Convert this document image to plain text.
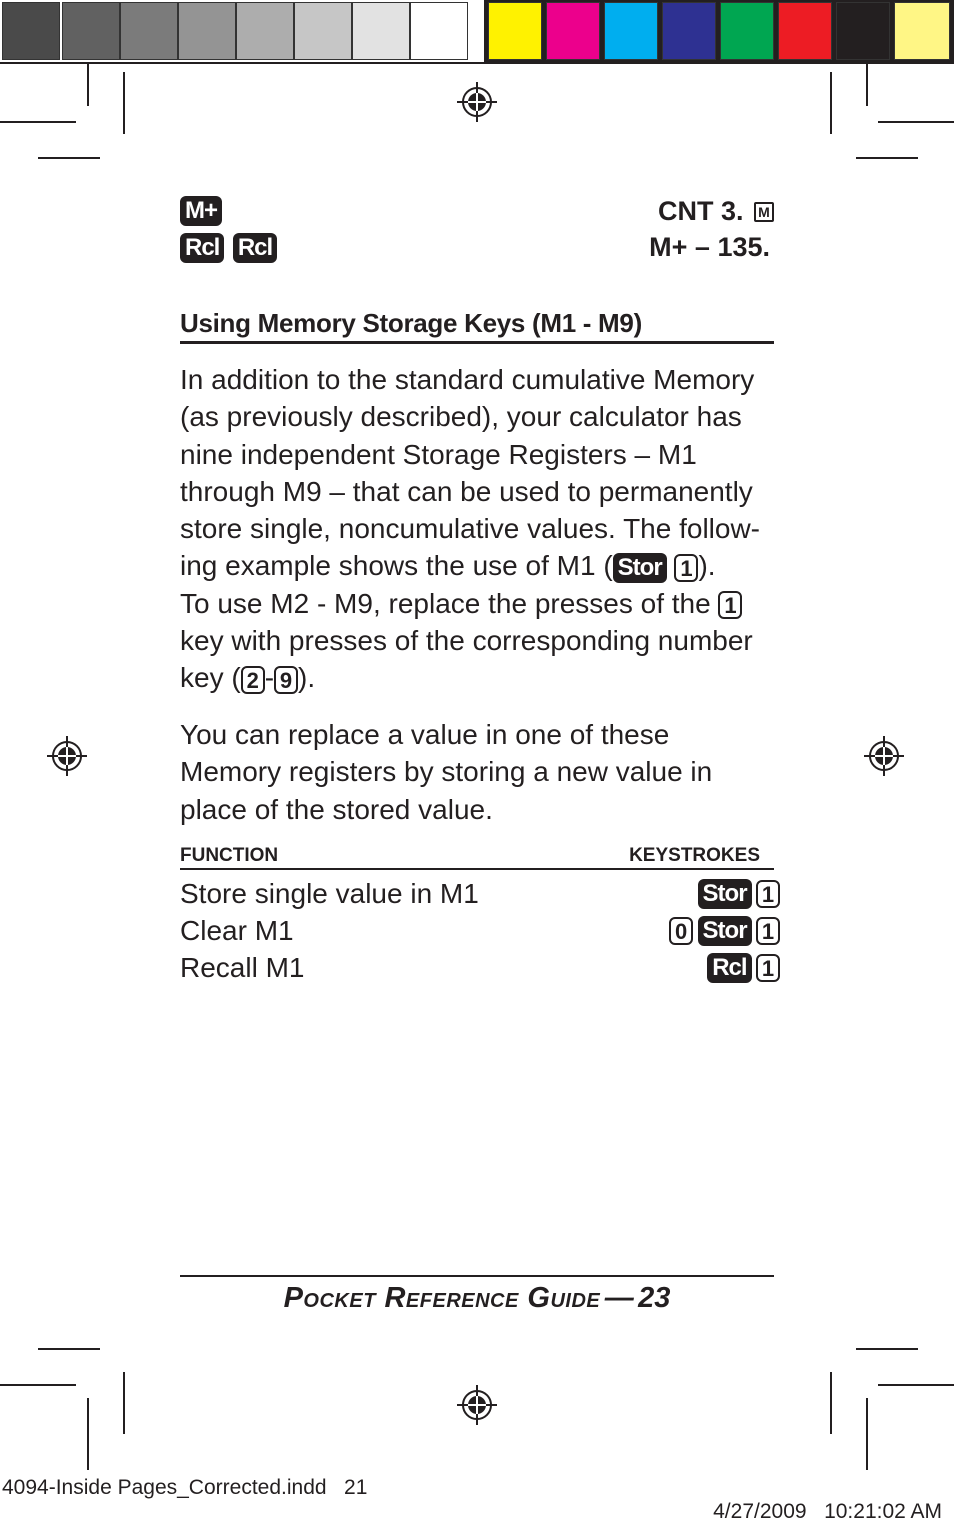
M+	CNT 3. M
Rcl Rcl	M+ – 135.
Using Memory Storage Keys (M1 - M9)
In addition to the standard cumulative Memory
(as previously described), your calculator has
nine independent Storage Registers – M1
through M9 – that can be used to permanently
store single, noncumulative values. The follow-
ing example shows the use of M1 ( Stor 1 ).
To use M2 - M9, replace the presses of the 1
key with presses of the corresponding number
key ( 2 - 9 ).
You can replace a value in one of these
Memory registers by storing a new value in
place of the stored value.
FUNCTION	KEYSTROKES
Store single value in M1	Stor 1
Clear M1	0 Stor 1
Recall M1	Rcl 1
Pocket Reference Guide — 23
4094-Inside Pages_Corrected.indd   21

4/27/2009 10:21:02 AM
